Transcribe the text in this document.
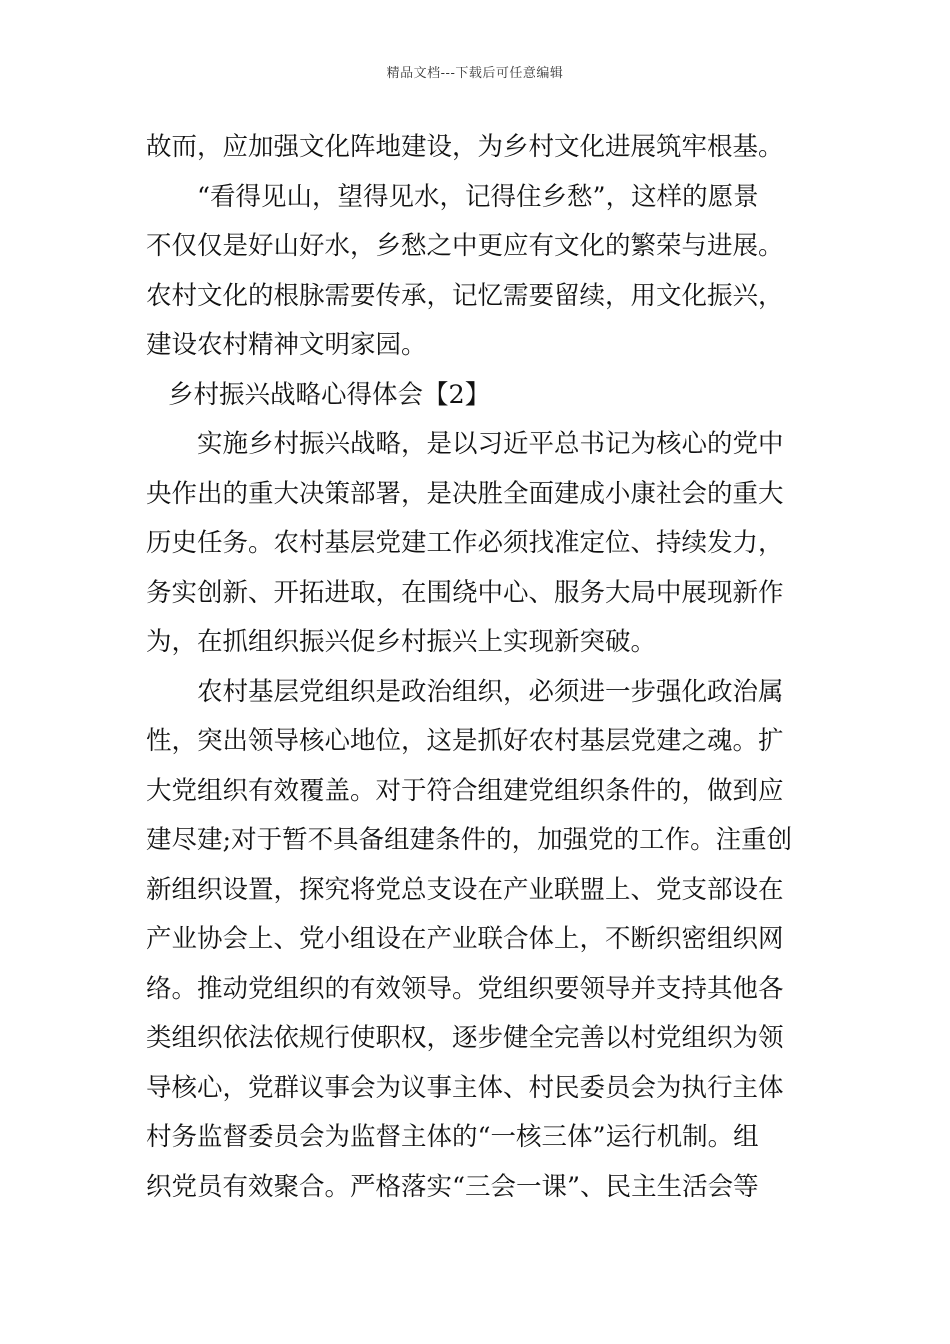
精品文档---下载后可任意编辑
故而，应加强文化阵地建设，为乡村文化进展筑牢根基。
“看得见山，望得见水，记得住乡愁”，这样的愿景
不仅仅是好山好水，乡愁之中更应有文化的繁荣与进展。
农村文化的根脉需要传承，记忆需要留续，用文化振兴，
建设农村精神文明家园。
乡村振兴战略心得体会【2】
实施乡村振兴战略，是以习近平总书记为核心的党中
央作出的重大决策部署，是决胜全面建成小康社会的重大
历史任务。农村基层党建工作必须找准定位、持续发力，
务实创新、开拓进取，在围绕中心、服务大局中展现新作
为，在抓组织振兴促乡村振兴上实现新突破。
农村基层党组织是政治组织，必须进一步强化政治属
性，突出领导核心地位，这是抓好农村基层党建之魂。扩
大党组织有效覆盖。对于符合组建党组织条件的，做到应
建尽建;对于暂不具备组建条件的，加强党的工作。注重创
新组织设置，探究将党总支设在产业联盟上、党支部设在
产业协会上、党小组设在产业联合体上，不断织密组织网
络。推动党组织的有效领导。党组织要领导并支持其他各
类组织依法依规行使职权，逐步健全完善以村党组织为领
导核心，党群议事会为议事主体、村民委员会为执行主体
村务监督委员会为监督主体的“一核三体”运行机制。组
织党员有效聚合。严格落实“三会一课”、民主生活会等
